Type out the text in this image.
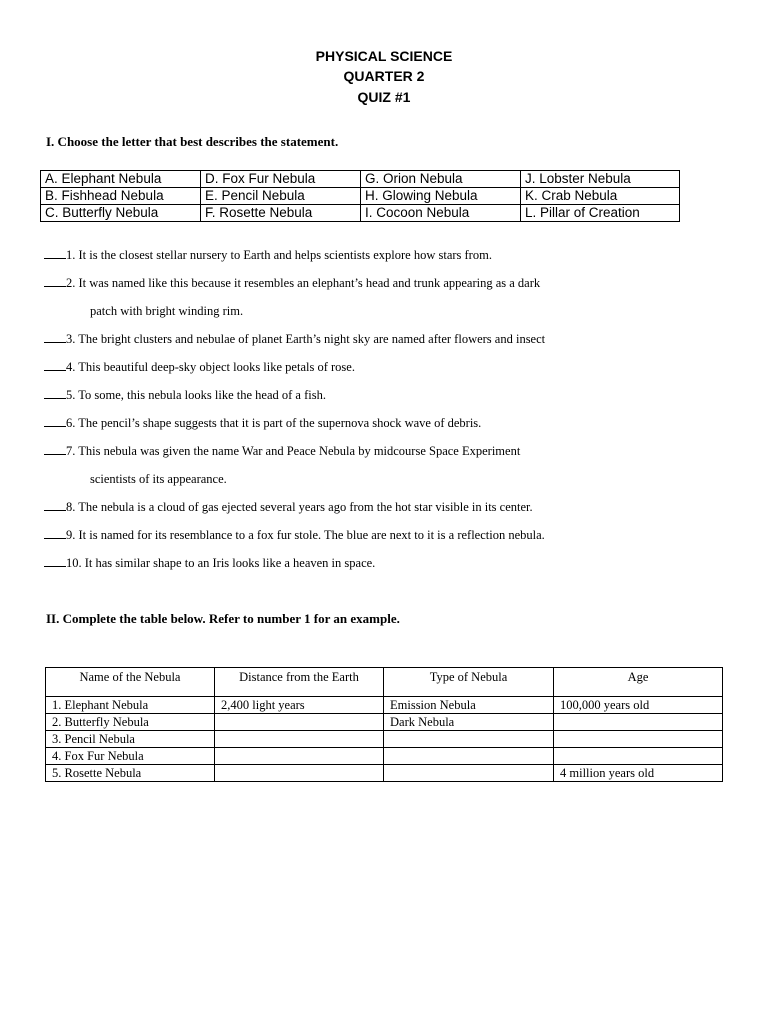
PHYSICAL SCIENCE
QUARTER 2
QUIZ #1
I. Choose the letter that best describes the statement.
A. Elephant Nebula	D. Fox Fur Nebula	G. Orion Nebula	J. Lobster Nebula
B. Fishhead Nebula	E. Pencil Nebula	H. Glowing Nebula	K. Crab Nebula
C. Butterfly Nebula	F. Rosette Nebula	I. Cocoon Nebula	L. Pillar of Creation
1. It is the closest stellar nursery to Earth and helps scientists explore how stars from.
2. It was named like this because it resembles an elephant’s head and trunk appearing as a dark
patch with bright winding rim.
3. The bright clusters and nebulae of planet Earth’s night sky are named after flowers and insect
4. This beautiful deep-sky object looks like petals of rose.
5. To some, this nebula looks like the head of a fish.
6. The pencil’s shape suggests that it is part of the supernova shock wave of debris.
7. This nebula was given the name War and Peace Nebula by midcourse Space Experiment
scientists of its appearance.
8. The nebula is a cloud of gas ejected several years ago from the hot star visible in its center.
9. It is named for its resemblance to a fox fur stole. The blue are next to it is a reflection nebula.
10. It has similar shape to an Iris looks like a heaven in space.
II. Complete the table below. Refer to number 1 for an example.
Name of the Nebula	Distance from the Earth	Type of Nebula	Age
1. Elephant Nebula	2,400 light years	Emission Nebula	100,000 years old
2. Butterfly Nebula		Dark Nebula	
3. Pencil Nebula			
4. Fox Fur Nebula			
5. Rosette Nebula			4 million years old
